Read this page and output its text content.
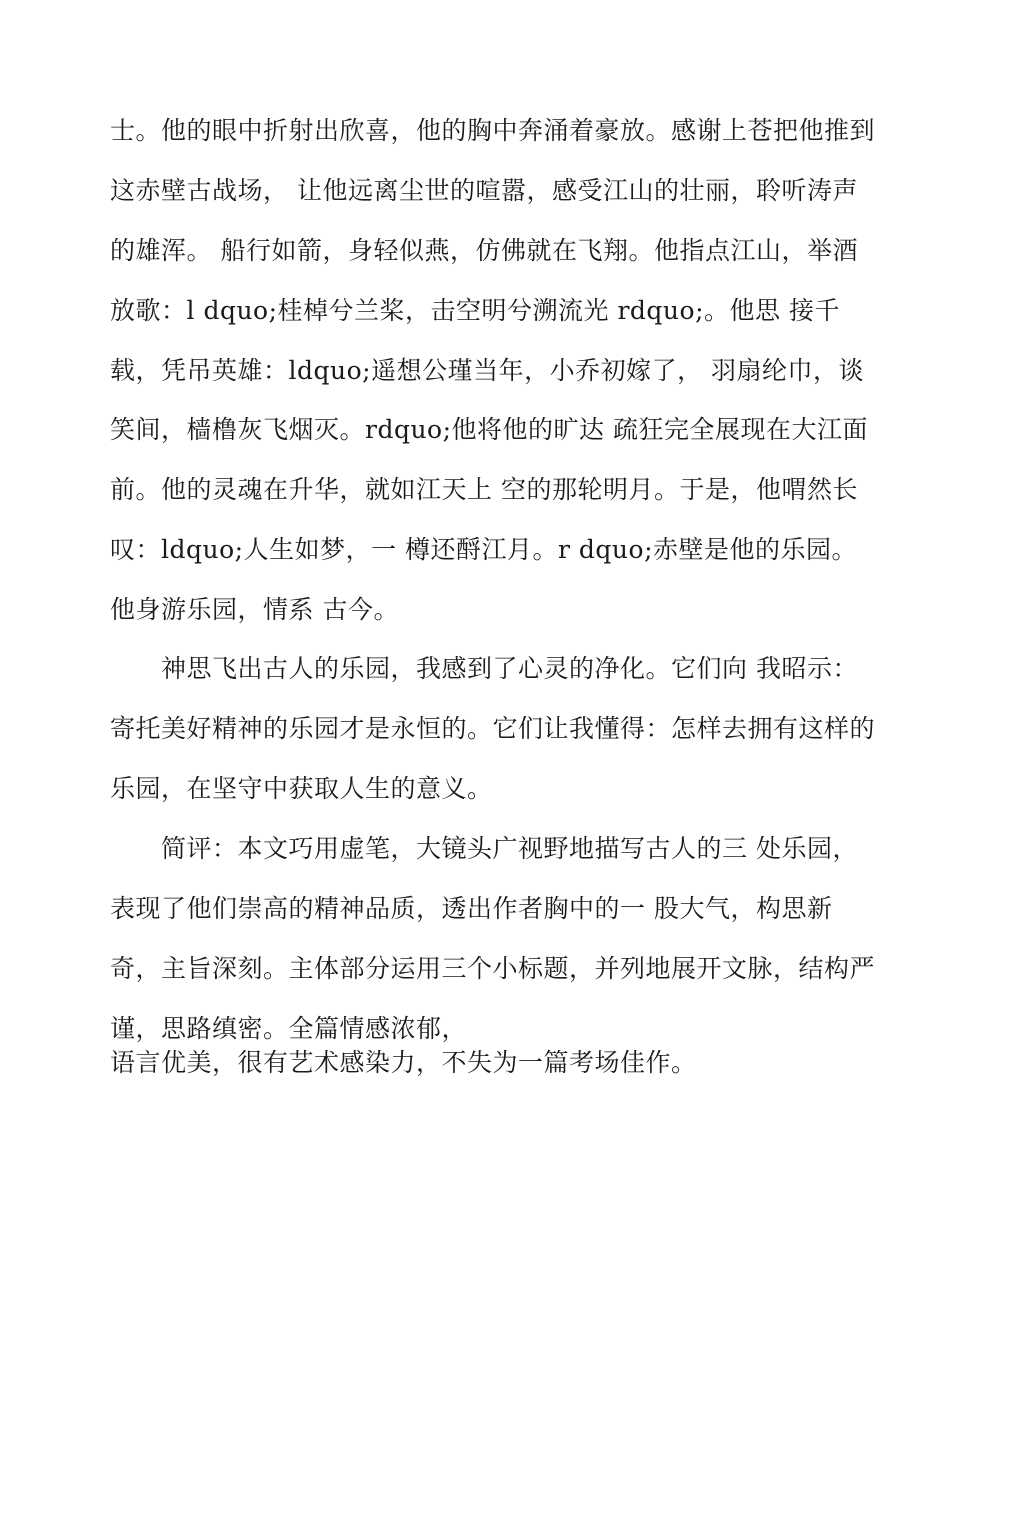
士。他的眼中折射出欣喜，他的胸中奔涌着豪放。感谢上苍把他推到
这赤壁古战场， 让他远离尘世的喧嚣，感受江山的壮丽，聆听涛声
的雄浑。 船行如箭，身轻似燕，仿佛就在飞翔。他指点江山，举酒
放歌：l dquo;桂棹兮兰桨，击空明兮溯流光 rdquo;。他思 接千
载，凭吊英雄：ldquo;遥想公瑾当年，小乔初嫁了， 羽扇纶巾，谈
笑间，樯橹灰飞烟灭。rdquo;他将他的旷达 疏狂完全展现在大江面
前。他的灵魂在升华，就如江天上 空的那轮明月。于是，他喟然长
叹：ldquo;人生如梦，一 樽还酹江月。r dquo;赤壁是他的乐园。
他身游乐园，情系 古今。
　　神思飞出古人的乐园，我感到了心灵的净化。它们向 我昭示：
寄托美好精神的乐园才是永恒的。它们让我懂得：怎样去拥有这样的
乐园，在坚守中获取人生的意义。
　　简评：本文巧用虚笔，大镜头广视野地描写古人的三 处乐园，
表现了他们崇高的精神品质，透出作者胸中的一 股大气，构思新
奇，主旨深刻。主体部分运用三个小标题，并列地展开文脉，结构严
谨，思路缜密。全篇情感浓郁，
语言优美，很有艺术感染力，不失为一篇考场佳作。
